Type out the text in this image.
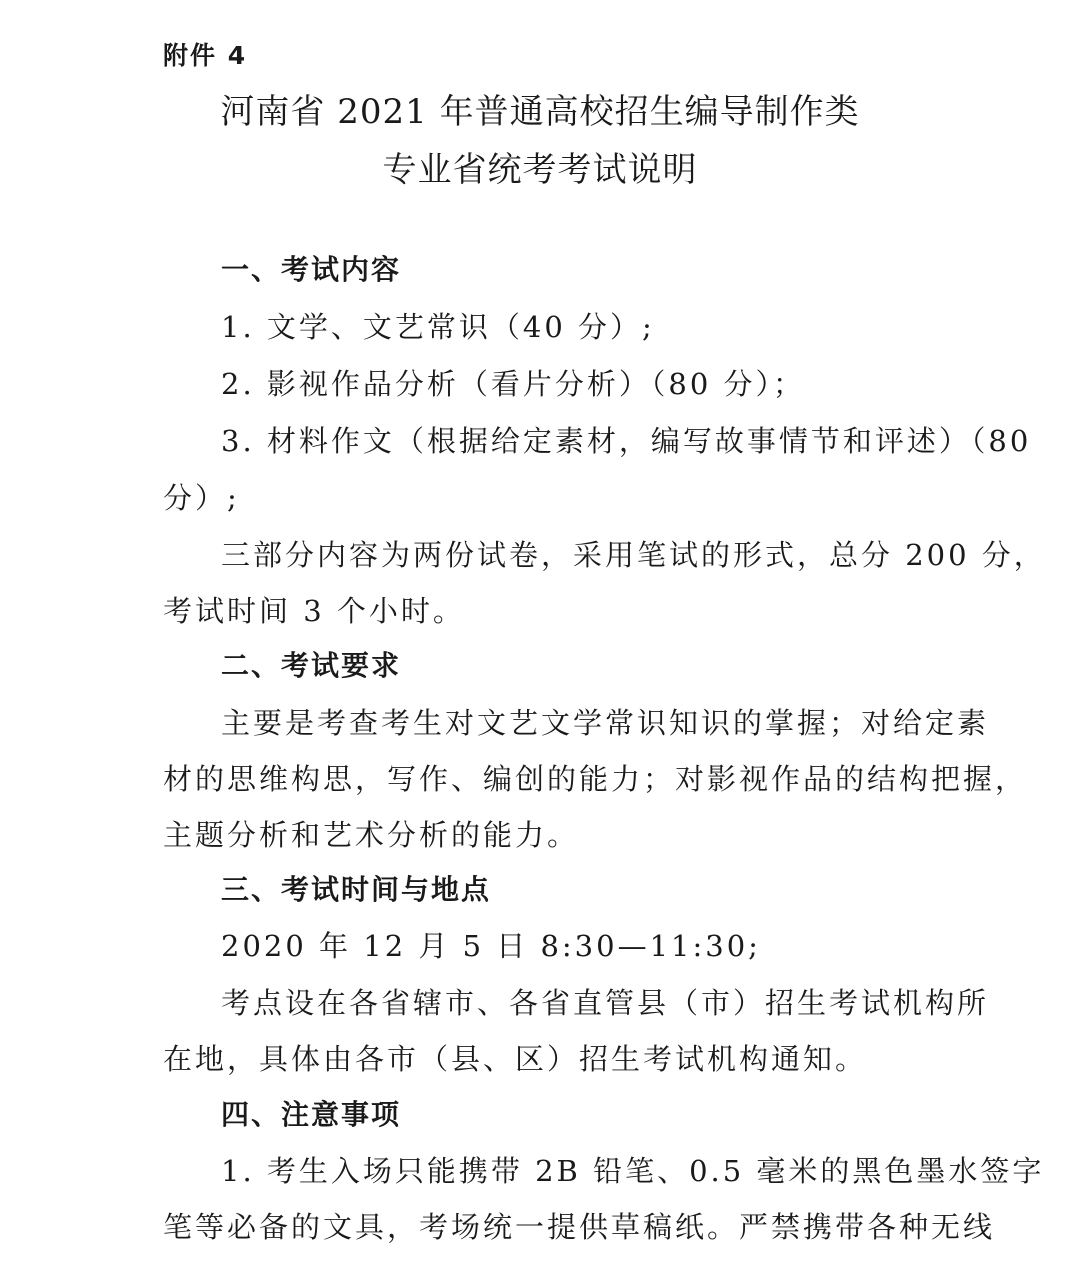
附件 4
河南省 2021 年普通高校招生编导制作类
专业省统考考试说明
一、考试内容
1. 文学、文艺常识（40 分）;
2. 影视作品分析（看片分析）（80 分）；
3. 材料作文（根据给定素材，编写故事情节和评述）（80
分）;
三部分内容为两份试卷，采用笔试的形式，总分 200 分，
考试时间 3 个小时。
二、考试要求
主要是考查考生对文艺文学常识知识的掌握；对给定素
材的思维构思，写作、编创的能力；对影视作品的结构把握，
主题分析和艺术分析的能力。
三、考试时间与地点
2020 年 12 月 5 日 8:30—11:30;
考点设在各省辖市、各省直管县（市）招生考试机构所
在地，具体由各市（县、区）招生考试机构通知。
四、注意事项
1. 考生入场只能携带 2B 铅笔、0.5 毫米的黑色墨水签字
笔等必备的文具，考场统一提供草稿纸。严禁携带各种无线
